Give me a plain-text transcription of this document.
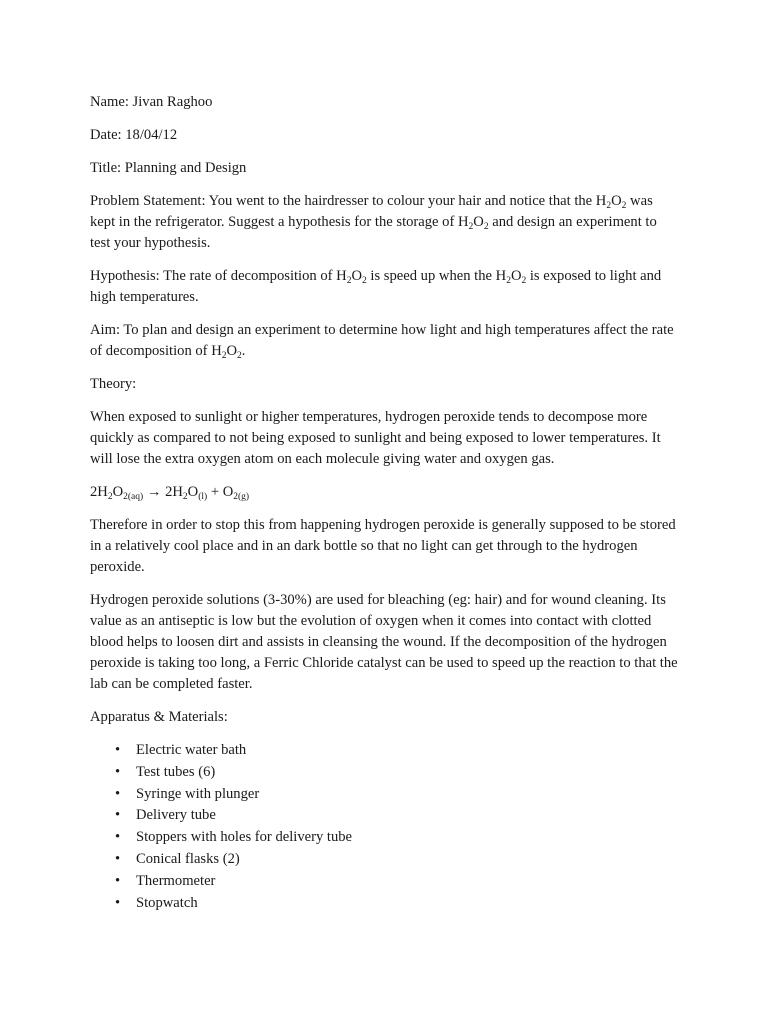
Name: Jivan Raghoo

Date: 18/04/12

Title: Planning and Design

Problem Statement: You went to the hairdresser to colour your hair and notice that the $H_2O_2$ was kept in the refrigerator. Suggest a hypothesis for the storage of $H_2O_2$ and design an experiment to test your hypothesis.

Hypothesis: The rate of decomposition of $H_2O_2$ is speed up when the $H_2O_2$ is exposed to light and high temperatures.

Aim: To plan and design an experiment to determine how light and high temperatures affect the rate of decomposition of $H_2O_2$.

Theory:

When exposed to sunlight or higher temperatures, hydrogen peroxide tends to decompose more quickly as compared to not being exposed to sunlight and being exposed to lower temperatures. It will lose the extra oxygen atom on each molecule giving water and oxygen gas.

$2H_2O_{2(aq)} \to 2H_2O_{(l)} + O_{2(g)}$

Therefore in order to stop this from happening hydrogen peroxide is generally supposed to be stored in a relatively cool place and in an dark bottle so that no light can get through to the hydrogen peroxide.

Hydrogen peroxide solutions (3-30%) are used for bleaching (eg: hair) and for wound cleaning. Its value as an antiseptic is low but the evolution of oxygen when it comes into contact with clotted blood helps to loosen dirt and assists in cleansing the wound. If the decomposition of the hydrogen peroxide is taking too long, a Ferric Chloride catalyst can be used to speed up the reaction to that the lab can be completed faster.

Apparatus & Materials:

• Electric water bath
• Test tubes (6)
• Syringe with plunger
• Delivery tube
• Stoppers with holes for delivery tube
• Conical flasks (2)
• Thermometer
• Stopwatch
